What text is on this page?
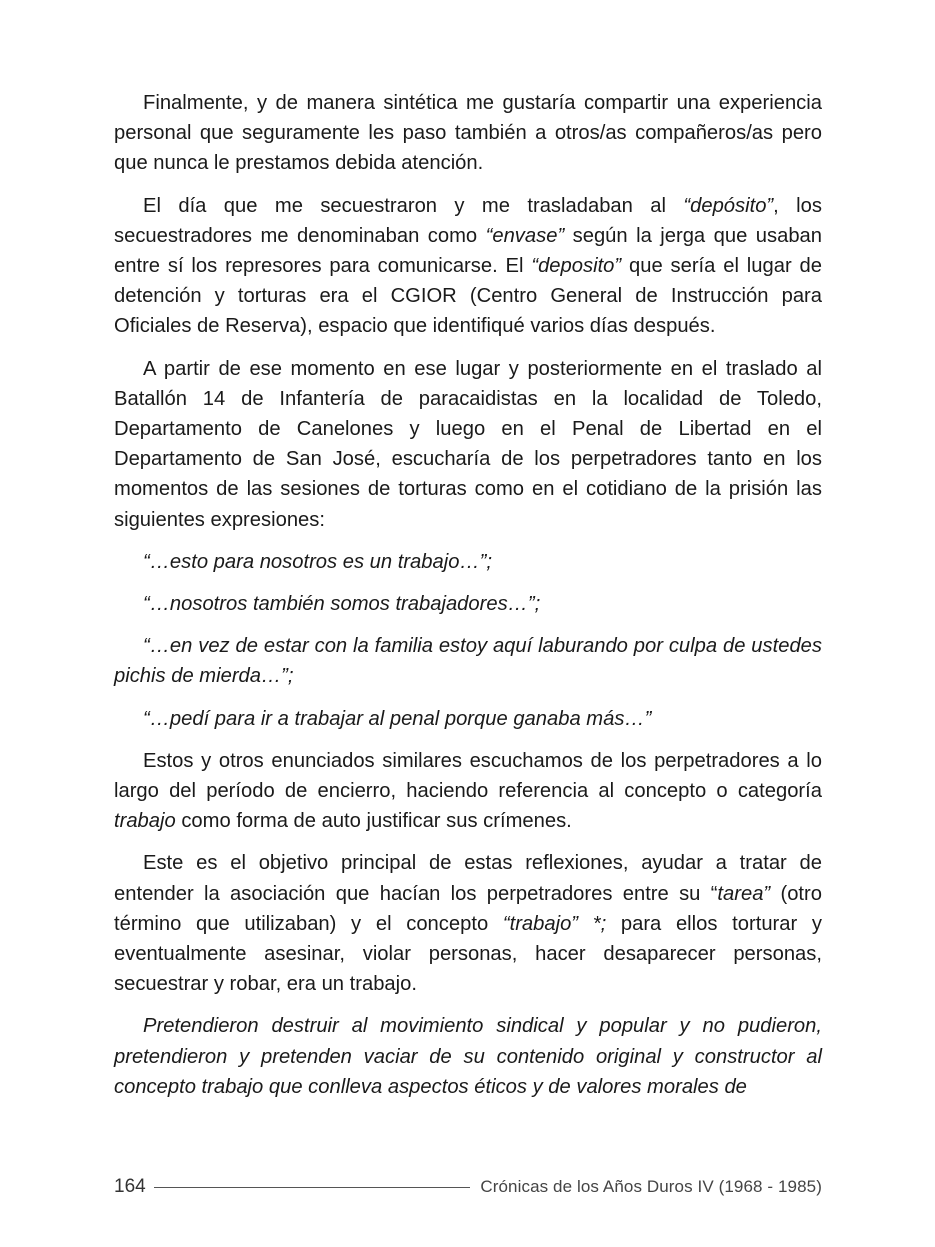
Finalmente, y de manera sintética me gustaría compartir una experiencia personal que seguramente les paso también a otros/as compañeros/as pero que nunca le prestamos debida atención.

El día que me secuestraron y me trasladaban al “depósito”, los secuestradores me denominaban como “envase” según la jerga que usaban entre sí los represores para comunicarse. El “deposito” que sería el lugar de detención y torturas era el CGIOR (Centro General de Instrucción para Oficiales de Reserva), espacio que identifiqué varios días después.

A partir de ese momento en ese lugar y posteriormente en el traslado al Batallón 14 de Infantería de paracaidistas en la localidad de Toledo, Departamento de Canelones y luego en el Penal de Libertad en el Departamento de San José, escucharía de los perpetradores tanto en los momentos de las sesiones de torturas como en el cotidiano de la prisión las siguientes expresiones:

“…esto para nosotros es un trabajo…”;

“…nosotros también somos trabajadores…”;

“…en vez de estar con la familia estoy aquí laburando por culpa de ustedes pichis de mierda…”;

“…pedí para ir a trabajar al penal porque ganaba más…”

Estos y otros enunciados similares escuchamos de los perpetradores a lo largo del período de encierro, haciendo referencia al concepto o categoría trabajo como forma de auto justificar sus crímenes.

Este es el objetivo principal de estas reflexiones, ayudar a tratar de entender la asociación que hacían los perpetradores entre su “tarea” (otro término que utilizaban) y el concepto “trabajo” *; para ellos torturar y eventualmente asesinar, violar personas, hacer desaparecer personas, secuestrar y robar, era un trabajo.

Pretendieron destruir al movimiento sindical y popular y no pudieron, pretendieron y pretenden vaciar de su contenido original y constructor al concepto trabajo que conlleva aspectos éticos y de valores morales de

164	Crónicas de los Años Duros IV (1968 - 1985)
